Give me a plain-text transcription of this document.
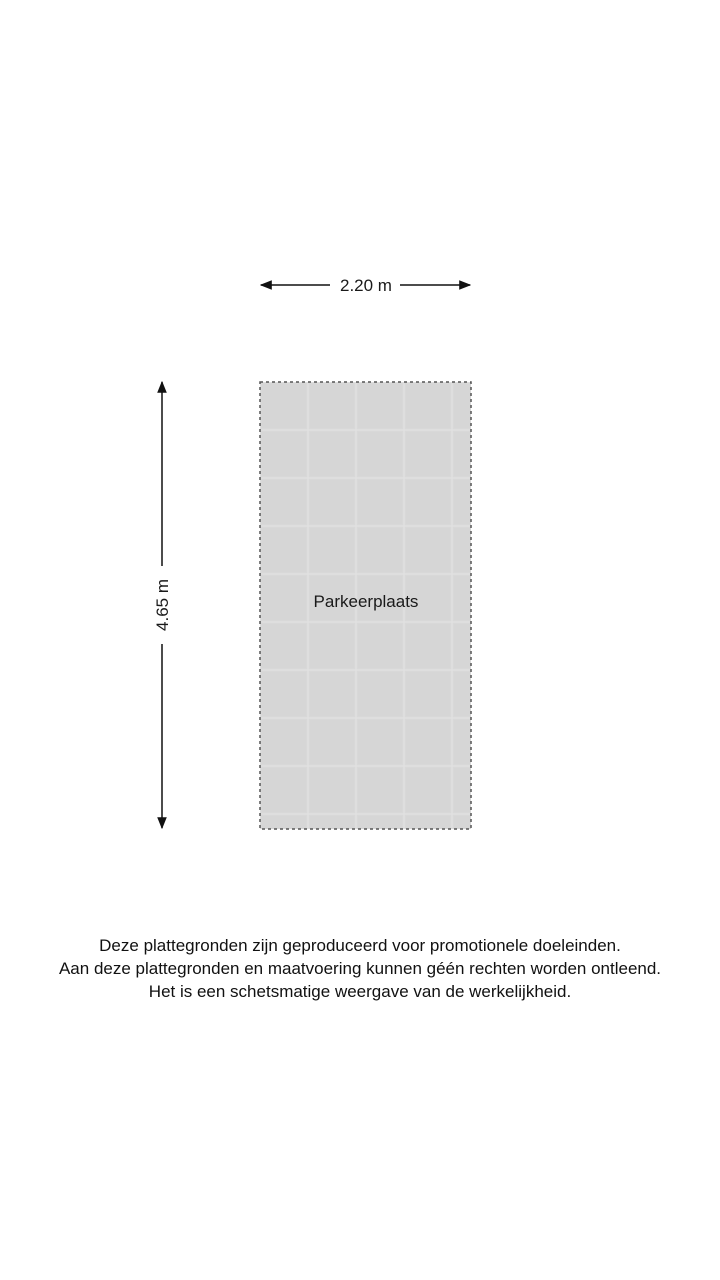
2.20 m
4.65 m	Parkeerplaats
Deze plattegronden zijn geproduceerd voor promotionele doeleinden.
Aan deze plattegronden en maatvoering kunnen géén rechten worden ontleend.
Het is een schetsmatige weergave van de werkelijkheid.
